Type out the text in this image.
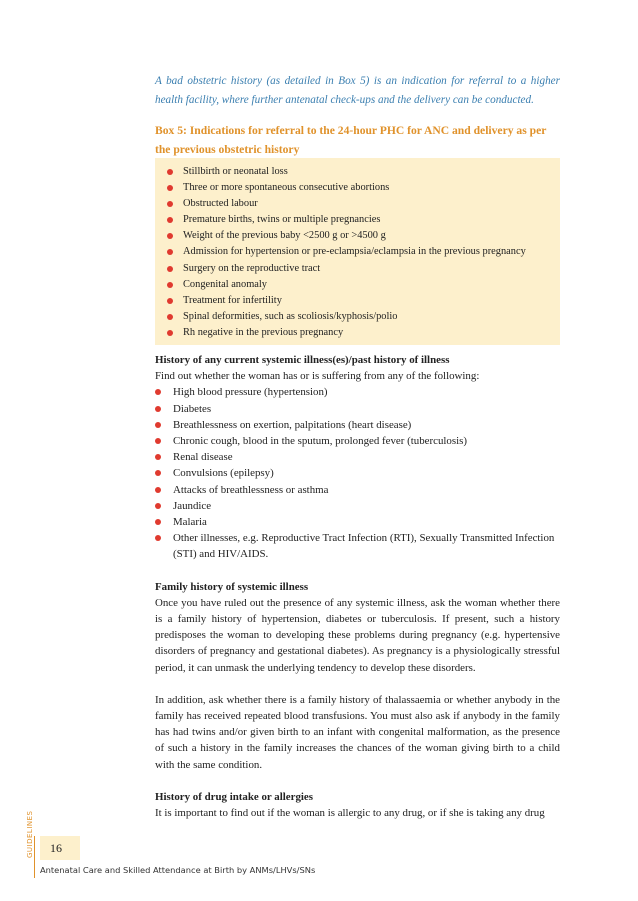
A bad obstetric history (as detailed in Box 5) is an indication for referral to a higher health facility, where further antenatal check-ups and the delivery can be conducted.

Box 5: Indications for referral to the 24-hour PHC for ANC and delivery as per the previous obstetric history

Stillbirth or neonatal loss
Three or more spontaneous consecutive abortions
Obstructed labour
Premature births, twins or multiple pregnancies
Weight of the previous baby <2500 g or >4500 g
Admission for hypertension or pre-eclampsia/eclampsia in the previous pregnancy
Surgery on the reproductive tract
Congenital anomaly
Treatment for infertility
Spinal deformities, such as scoliosis/kyphosis/polio
Rh negative in the previous pregnancy
History of any current systemic illness(es)/past history of illness

Find out whether the woman has or is suffering from any of the following:

High blood pressure (hypertension)
Diabetes
Breathlessness on exertion, palpitations (heart disease)
Chronic cough, blood in the sputum, prolonged fever (tuberculosis)
Renal disease
Convulsions (epilepsy)
Attacks of breathlessness or asthma
Jaundice
Malaria
Other illnesses, e.g. Reproductive Tract Infection (RTI), Sexually Transmitted Infection (STI) and HIV/AIDS.
Family history of systemic illness

Once you have ruled out the presence of any systemic illness, ask the woman whether there is a family history of hypertension, diabetes or tuberculosis. If present, such a history predisposes the woman to developing these problems during pregnancy (e.g. hypertensive disorders of pregnancy and gestational diabetes). As pregnancy is a physiologically stressful period, it can unmask the underlying tendency to develop these disorders.

In addition, ask whether there is a family history of thalassaemia or whether anybody in the family has received repeated blood transfusions. You must also ask if anybody in the family has had twins and/or given birth to an infant with congenital malformation, as the presence of such a history in the family increases the chances of the woman giving birth to a child with the same condition.

History of drug intake or allergies

It is important to find out if the woman is allergic to any drug, or if she is taking any drug

GUIDELINES	16
Antenatal Care and Skilled Attendance at Birth by ANMs/LHVs/SNs
